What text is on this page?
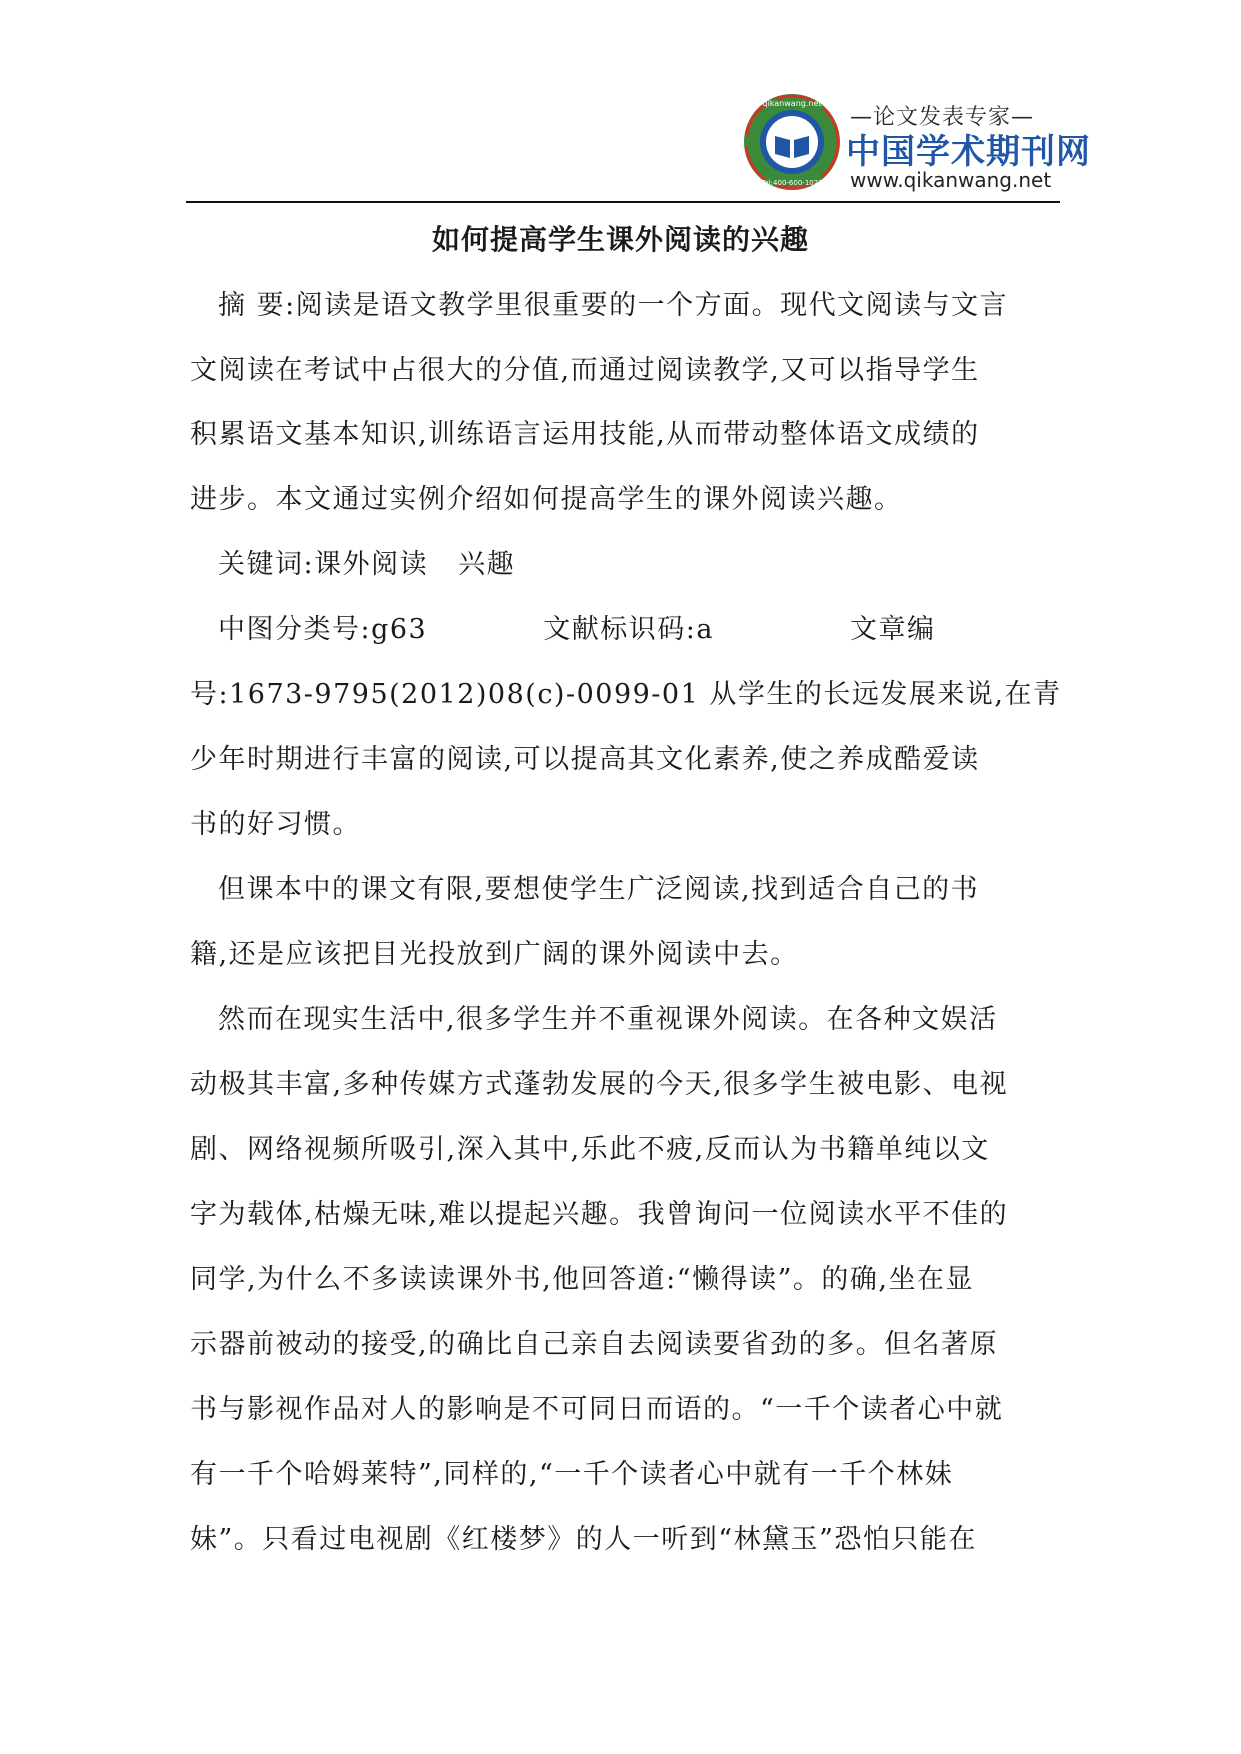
qikanwang.net
Tel:400-600-1021
—论文发表专家—
中国学术期刊网
www.qikanwang.net
如何提高学生课外阅读的兴趣
摘 要:阅读是语文教学里很重要的一个方面。现代文阅读与文言
文阅读在考试中占很大的分值,而通过阅读教学,又可以指导学生
积累语文基本知识,训练语言运用技能,从而带动整体语文成绩的
进步。本文通过实例介绍如何提高学生的课外阅读兴趣。
关键词:课外阅读 兴趣
中图分类号:g63	文献标识码:a	文章编
号:1673-9795(2012)08(c)-0099-01 从学生的长远发展来说,在青
少年时期进行丰富的阅读,可以提高其文化素养,使之养成酷爱读
书的好习惯。
但课本中的课文有限,要想使学生广泛阅读,找到适合自己的书
籍,还是应该把目光投放到广阔的课外阅读中去。
然而在现实生活中,很多学生并不重视课外阅读。在各种文娱活
动极其丰富,多种传媒方式蓬勃发展的今天,很多学生被电影、电视
剧、网络视频所吸引,深入其中,乐此不疲,反而认为书籍单纯以文
字为载体,枯燥无味,难以提起兴趣。我曾询问一位阅读水平不佳的
同学,为什么不多读读课外书,他回答道:“懒得读”。的确,坐在显
示器前被动的接受,的确比自己亲自去阅读要省劲的多。但名著原
书与影视作品对人的影响是不可同日而语的。“一千个读者心中就
有一千个哈姆莱特”,同样的,“一千个读者心中就有一千个林妹
妹”。只看过电视剧《红楼梦》的人一听到“林黛玉”恐怕只能在
